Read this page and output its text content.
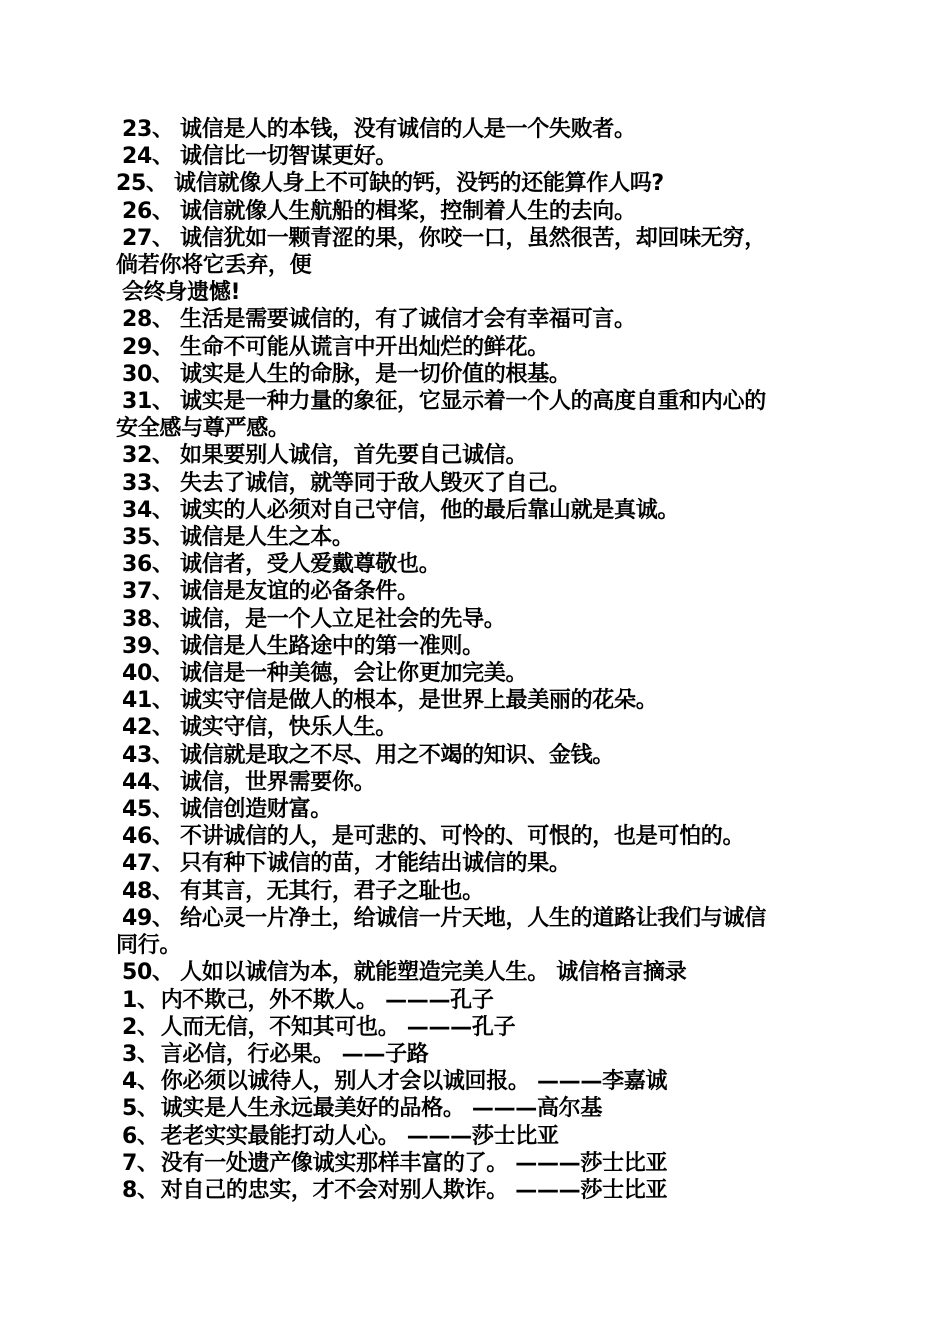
23、 诚信是人的本钱，没有诚信的人是一个失败者。
24、 诚信比一切智谋更好。
25、 诚信就像人身上不可缺的钙，没钙的还能算作人吗?
26、 诚信就像人生航船的楫桨，控制着人生的去向。
27、 诚信犹如一颗青涩的果，你咬一口，虽然很苦，却回味无穷，
倘若你将它丢弃，便
会终身遗憾!
28、 生活是需要诚信的，有了诚信才会有幸福可言。
29、 生命不可能从谎言中开出灿烂的鲜花。
30、 诚实是人生的命脉，是一切价值的根基。
31、 诚实是一种力量的象征，它显示着一个人的高度自重和内心的
安全感与尊严感。
32、 如果要别人诚信，首先要自己诚信。
33、 失去了诚信，就等同于敌人毁灭了自己。
34、 诚实的人必须对自己守信，他的最后靠山就是真诚。
35、 诚信是人生之本。
36、 诚信者，受人爱戴尊敬也。
37、 诚信是友谊的必备条件。
38、 诚信，是一个人立足社会的先导。
39、 诚信是人生路途中的第一准则。
40、 诚信是一种美德，会让你更加完美。
41、 诚实守信是做人的根本，是世界上最美丽的花朵。
42、 诚实守信，快乐人生。
43、 诚信就是取之不尽、用之不竭的知识、金钱。
44、 诚信，世界需要你。
45、 诚信创造财富。
46、 不讲诚信的人，是可悲的、可怜的、可恨的，也是可怕的。
47、 只有种下诚信的苗，才能结出诚信的果。
48、 有其言，无其行，君子之耻也。
49、 给心灵一片净土，给诚信一片天地，人生的道路让我们与诚信
同行。
50、 人如以诚信为本，就能塑造完美人生。 诚信格言摘录
1、内不欺己，外不欺人。 ———孔子
2、人而无信，不知其可也。 ———孔子
3、言必信，行必果。 ——子路
4、你必须以诚待人，别人才会以诚回报。 ———李嘉诚
5、诚实是人生永远最美好的品格。 ———高尔基
6、老老实实最能打动人心。 ———莎士比亚
7、没有一处遗产像诚实那样丰富的了。 ———莎士比亚
8、对自己的忠实，才不会对别人欺诈。 ———莎士比亚
